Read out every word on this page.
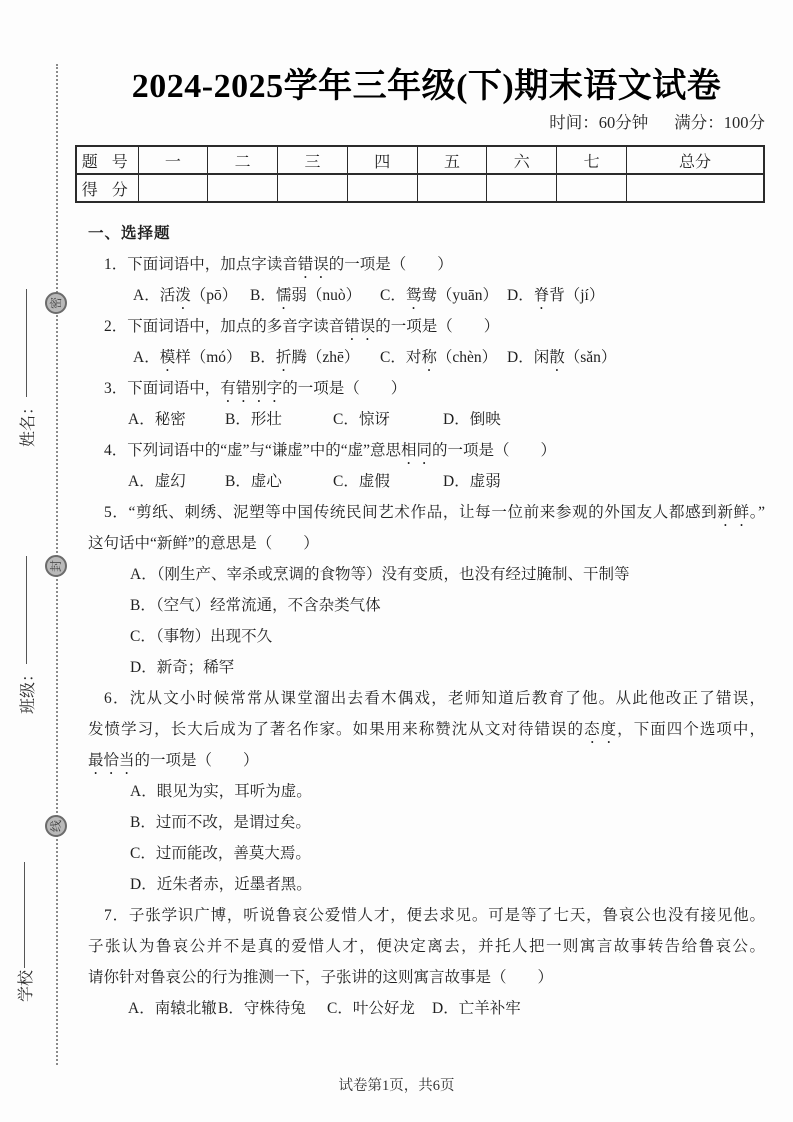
密
封
线
姓名：
班级：
学校
2024-2025学年三年级(下)期末语文试卷
时间：60分钟 满分：100分
题 号	一	二	三	四	五	六	七	总分
得 分								
一、选择题
1．下面词语中，加点字读音错误的一项是（　　）
A．活泼（pō） B．懦弱（nuò）	C．鸳鸯（yuān） D．脊背（jí）
2．下面词语中，加点的多音字读音错误的一项是（　　）
A．模样（mó） B．折腾（zhē）	C．对称（chèn） D．闲散（sǎn）
3．下面词语中，有错别字的一项是（　　）
A．秘密	B．形壮	C．惊讶	D．倒映
4．下列词语中的“虚”与“谦虚”中的“虚”意思相同的一项是（　　）
A．虚幻	B．虚心	C．虚假	D．虚弱
5．“剪纸、刺绣、泥塑等中国传统民间艺术作品，让每一位前来参观的外国友人都感到新鲜。”
这句话中“新鲜”的意思是（　　）
A．（刚生产、宰杀或烹调的食物等）没有变质，也没有经过腌制、干制等
B．（空气）经常流通，不含杂类气体
C．（事物）出现不久
D．新奇；稀罕
6．沈从文小时候常常从课堂溜出去看木偶戏，老师知道后教育了他。从此他改正了错误，
发愤学习，长大后成为了著名作家。如果用来称赞沈从文对待错误的态度，下面四个选项中，
最恰当的一项是（　　）
A．眼见为实，耳听为虚。
B．过而不改，是谓过矣。
C．过而能改，善莫大焉。
D．近朱者赤，近墨者黑。
7．子张学识广博，听说鲁哀公爱惜人才，便去求见。可是等了七天，鲁哀公也没有接见他。
子张认为鲁哀公并不是真的爱惜人才，便决定离去，并托人把一则寓言故事转告给鲁哀公。
请你针对鲁哀公的行为推测一下，子张讲的这则寓言故事是（　　）
A．南辕北辙 B．守株待兔	C．叶公好龙	D．亡羊补牢
试卷第1页，共6页
